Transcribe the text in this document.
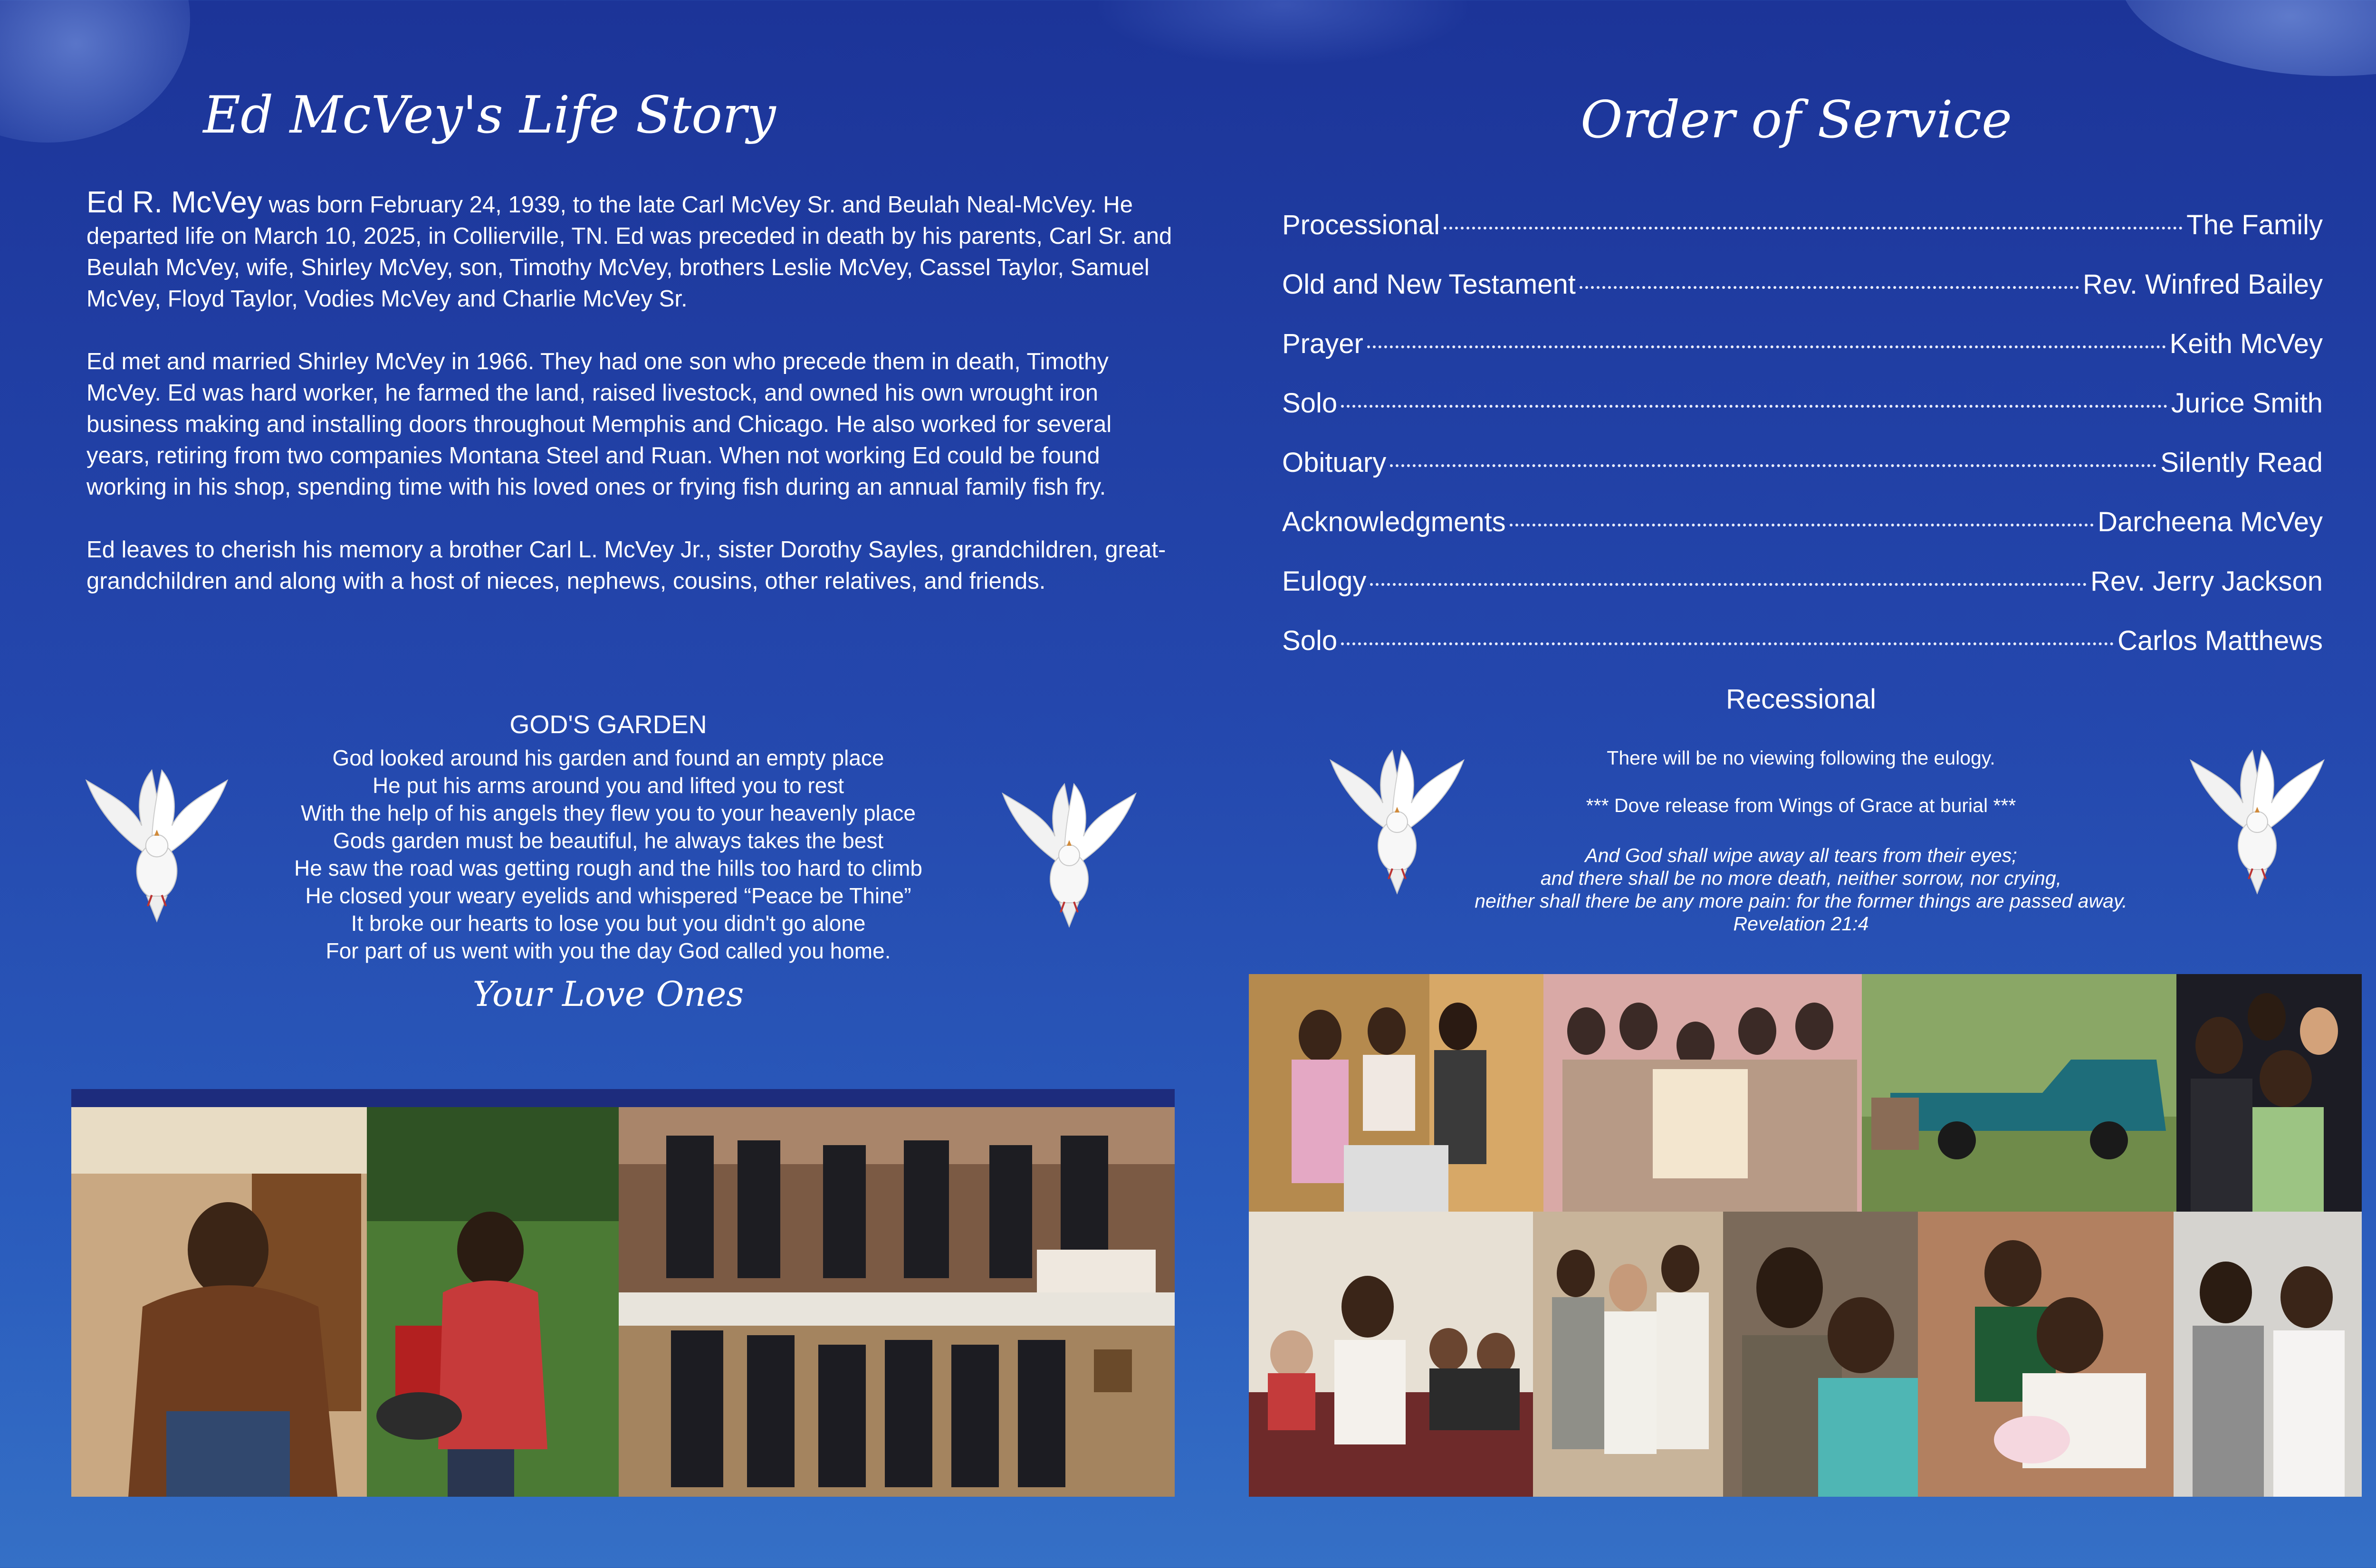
Ed McVey's Life Story

Ed R. McVey was born February 24, 1939, to the late Carl McVey Sr. and Beulah Neal-McVey. He departed life on March 10, 2025, in Collierville, TN. Ed was preceded in death by his parents, Carl Sr. and Beulah McVey, wife, Shirley McVey, son, Timothy McVey, brothers Leslie McVey, Cassel Taylor, Samuel McVey, Floyd Taylor, Vodies McVey and Charlie McVey Sr.

Ed met and married Shirley McVey in 1966. They had one son who precede them in death, Timothy McVey. Ed was hard worker, he farmed the land, raised livestock, and owned his own wrought iron business making and installing doors throughout Memphis and Chicago. He also worked for several years, retiring from two companies Montana Steel and Ruan. When not working Ed could be found working in his shop, spending time with his loved ones or frying fish during an annual family fish fry.

Ed leaves to cherish his memory a brother Carl L. McVey Jr., sister Dorothy Sayles, grandchildren, great-grandchildren and along with a host of nieces, nephews, cousins, other relatives, and friends.

GOD'S GARDEN
God looked around his garden and found an empty place
He put his arms around you and lifted you to rest
With the help of his angels they flew you to your heavenly place
Gods garden must be beautiful, he always takes the best
He saw the road was getting rough and the hills too hard to climb
He closed your weary eyelids and whispered “Peace be Thine”
It broke our hearts to lose you but you didn't go alone
For part of us went with you the day God called you home.
Your Love Ones
Order of Service
Processional	The Family
Old and New Testament	Rev. Winfred Bailey
Prayer	Keith McVey
Solo	Jurice Smith
Obituary	Silently Read
Acknowledgments	Darcheena McVey
Eulogy	Rev. Jerry Jackson
Solo	Carlos Matthews
Recessional
There will be no viewing following the eulogy.
*** Dove release from Wings of Grace at burial ***
And God shall wipe away all tears from their eyes;
and there shall be no more death, neither sorrow, nor crying,
neither shall there be any more pain: for the former things are passed away.
Revelation 21:4
